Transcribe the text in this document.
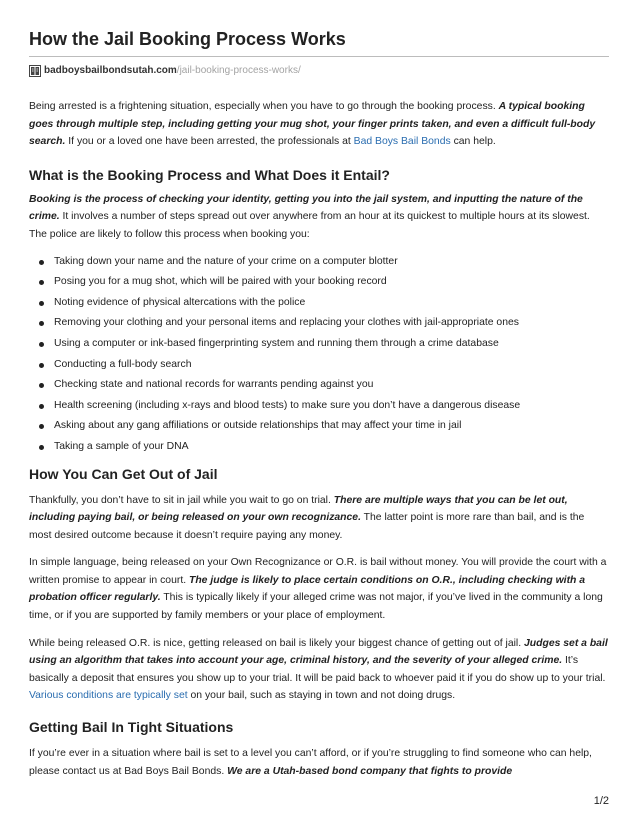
How the Jail Booking Process Works
badboysbailbondsutah.com /jail-booking-process-works/

Being arrested is a frightening situation, especially when you have to go through the booking process. A typical booking goes through multiple step, including getting your mug shot, your finger prints taken, and even a difficult full-body search. If you or a loved one have been arrested, the professionals at Bad Boys Bail Bonds can help.

What is the Booking Process and What Does it Entail?

Booking is the process of checking your identity, getting you into the jail system, and inputting the nature of the crime. It involves a number of steps spread out over anywhere from an hour at its quickest to multiple hours at its slowest. The police are likely to follow this process when booking you:

Taking down your name and the nature of your crime on a computer blotter
Posing you for a mug shot, which will be paired with your booking record
Noting evidence of physical altercations with the police
Removing your clothing and your personal items and replacing your clothes with jail-appropriate ones
Using a computer or ink-based fingerprinting system and running them through a crime database
Conducting a full-body search
Checking state and national records for warrants pending against you
Health screening (including x-rays and blood tests) to make sure you don’t have a dangerous disease
Asking about any gang affiliations or outside relationships that may affect your time in jail
Taking a sample of your DNA
How You Can Get Out of Jail

Thankfully, you don’t have to sit in jail while you wait to go on trial. There are multiple ways that you can be let out, including paying bail, or being released on your own recognizance. The latter point is more rare than bail, and is the most desired outcome because it doesn’t require paying any money.

In simple language, being released on your Own Recognizance or O.R. is bail without money. You will provide the court with a written promise to appear in court. The judge is likely to place certain conditions on O.R., including checking with a probation officer regularly. This is typically likely if your alleged crime was not major, if you’ve lived in the community a long time, or if you are supported by family members or your place of employment.

While being released O.R. is nice, getting released on bail is likely your biggest chance of getting out of jail. Judges set a bail using an algorithm that takes into account your age, criminal history, and the severity of your alleged crime. It’s basically a deposit that ensures you show up to your trial. It will be paid back to whoever paid it if you do show up to your trial. Various conditions are typically set on your bail, such as staying in town and not doing drugs.

Getting Bail In Tight Situations

If you’re ever in a situation where bail is set to a level you can’t afford, or if you’re struggling to find someone who can help, please contact us at Bad Boys Bail Bonds. We are a Utah-based bond company that fights to provide

1/2
